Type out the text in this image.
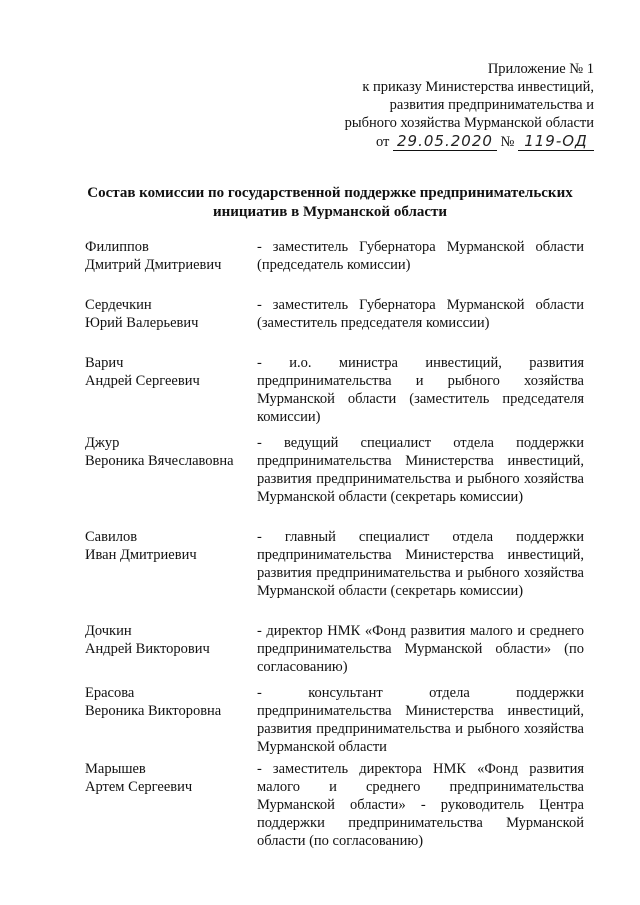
Приложение № 1
к приказу Министерства инвестиций,
развития предпринимательства и
рыбного хозяйства Мурманской области
от 29.05.2020 № 119-ОД
Состав комиссии по государственной поддержке предпринимательских
инициатив в Мурманской области
Филиппов
Дмитрий Дмитриевич
- заместитель Губернатора Мурманской области (председатель комиссии)
Сердечкин
Юрий Валерьевич
- заместитель Губернатора Мурманской области (заместитель председателя комиссии)
Варич
Андрей Сергеевич
- и.о. министра инвестиций, развития предпринимательства и рыбного хозяйства Мурманской области (заместитель председателя комиссии)
Джур
Вероника Вячеславовна
- ведущий специалист отдела поддержки предпринимательства Министерства инвестиций, развития предпринимательства и рыбного хозяйства Мурманской области (секретарь комиссии)
Савилов
Иван Дмитриевич
- главный специалист отдела поддержки предпринимательства Министерства инвестиций, развития предпринимательства и рыбного хозяйства Мурманской области (секретарь комиссии)
Дочкин
Андрей Викторович
- директор НМК «Фонд развития малого и среднего предпринимательства Мурманской области» (по согласованию)
Ерасова
Вероника Викторовна
- консультант отдела поддержки предпринимательства Министерства инвестиций, развития предпринимательства и рыбного хозяйства Мурманской области
Марышев
Артем Сергеевич
- заместитель директора НМК «Фонд развития малого и среднего предпринимательства Мурманской области» - руководитель Центра поддержки предпринимательства Мурманской области (по согласованию)
